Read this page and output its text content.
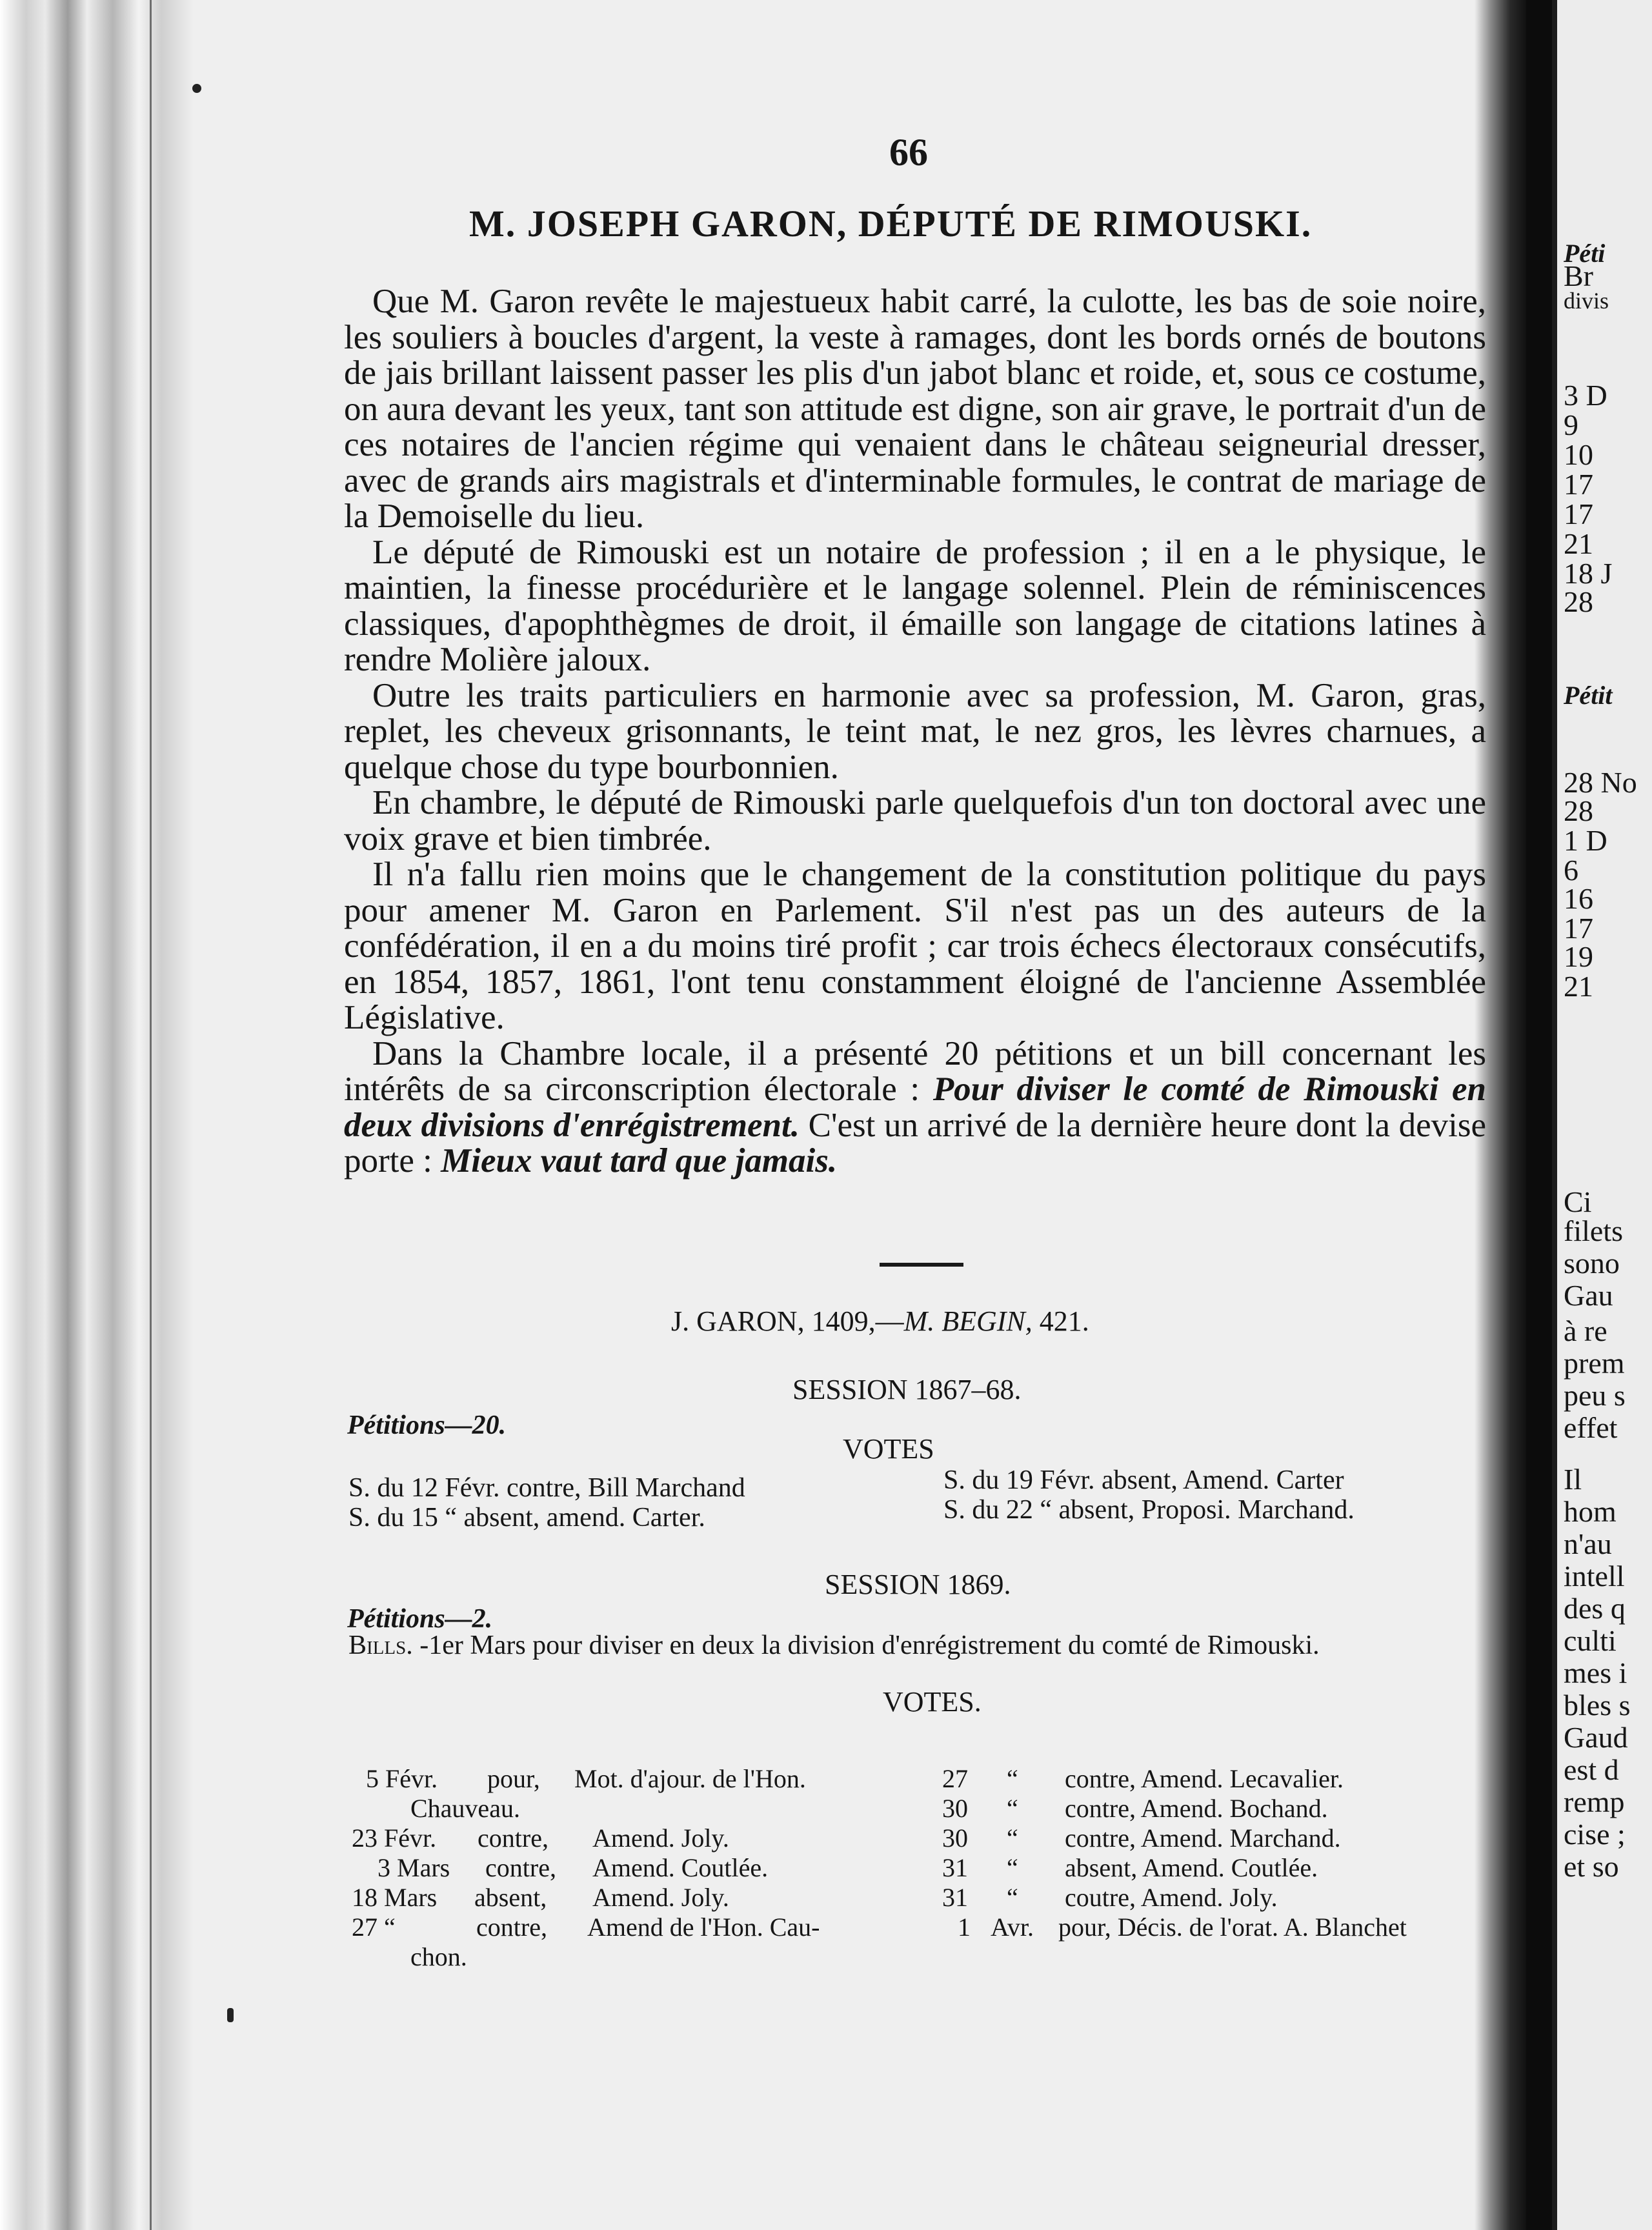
66
M. JOSEPH GARON, DÉPUTÉ DE RIMOUSKI.

Que M. Garon revête le majestueux habit carré, la culotte, les bas de soie noire, les souliers à boucles d'argent, la veste à ramages, dont les bords ornés de boutons de jais brillant laissent passer les plis d'un jabot blanc et roide, et, sous ce costume, on aura devant les yeux, tant son attitude est digne, son air grave, le portrait d'un de ces notaires de l'ancien régime qui venaient dans le château seigneurial dresser, avec de grands airs magistrals et d'interminable formules, le contrat de mariage de la Demoiselle du lieu.

Le député de Rimouski est un notaire de profession ; il en a le physique, le maintien, la finesse procédurière et le langage solennel. Plein de réminiscences classiques, d'apophthègmes de droit, il émaille son langage de citations latines à rendre Molière jaloux.

Outre les traits particuliers en harmonie avec sa profession, M. Garon, gras, replet, les cheveux grisonnants, le teint mat, le nez gros, les lèvres charnues, a quelque chose du type bourbonnien.

En chambre, le député de Rimouski parle quelquefois d'un ton doctoral avec une voix grave et bien timbrée.

Il n'a fallu rien moins que le changement de la constitution politique du pays pour amener M. Garon en Parlement. S'il n'est pas un des auteurs de la confédération, il en a du moins tiré profit ; car trois échecs électoraux consécutifs, en 1854, 1857, 1861, l'ont tenu constamment éloigné de l'ancienne Assemblée Législative.

Dans la Chambre locale, il a présenté 20 pétitions et un bill concernant les intérêts de sa circonscription électorale : Pour diviser le comté de Rimouski en deux divisions d'enrégistrement. C'est un arrivé de la dernière heure dont la devise porte : Mieux vaut tard que jamais.

J. GARON, 1409,—M. BEGIN, 421.
SESSION 1867–68.
Pétitions—20.
VOTES
S. du 12 Févr. contre, Bill Marchand
S. du 15 “ absent, amend. Carter.
S. du 19 Févr. absent, Amend. Carter
S. du 22 “ absent, Proposi. Marchand.
SESSION 1869.
Pétitions—2.
Bills. -1er Mars pour diviser en deux la division d'enrégistrement du comté de Rimouski.
VOTES.
5 Févr. pour, Mot. d'ajour. de l'Hon.
Chauveau.
23 Févr. contre, Amend. Joly.
3 Mars contre, Amend. Coutlée.
18 Mars absent, Amend. Joly.
27 “	contre, Amend de l'Hon. Cau-
chon.
27 “ contre, Amend. Lecavalier.
30 “ contre, Amend. Bochand.
30 “ contre, Amend. Marchand.
31 “ absent, Amend. Coutlée.
31 “ coutre, Amend. Joly.
1 Avr. pour, Décis. de l'orat. A. Blanchet
Péti
Br
divis
3 D
9
10
17
17
21
18 J
28
Pétit
28 No
28
1 D
6
16
17
19
21
Ci
filets
sono
Gau
à re
prem
peu s
effet
Il
hom
n'au
intell
des q
culti
mes i
bles s
Gaud
est d
remp
cise ;
et so
